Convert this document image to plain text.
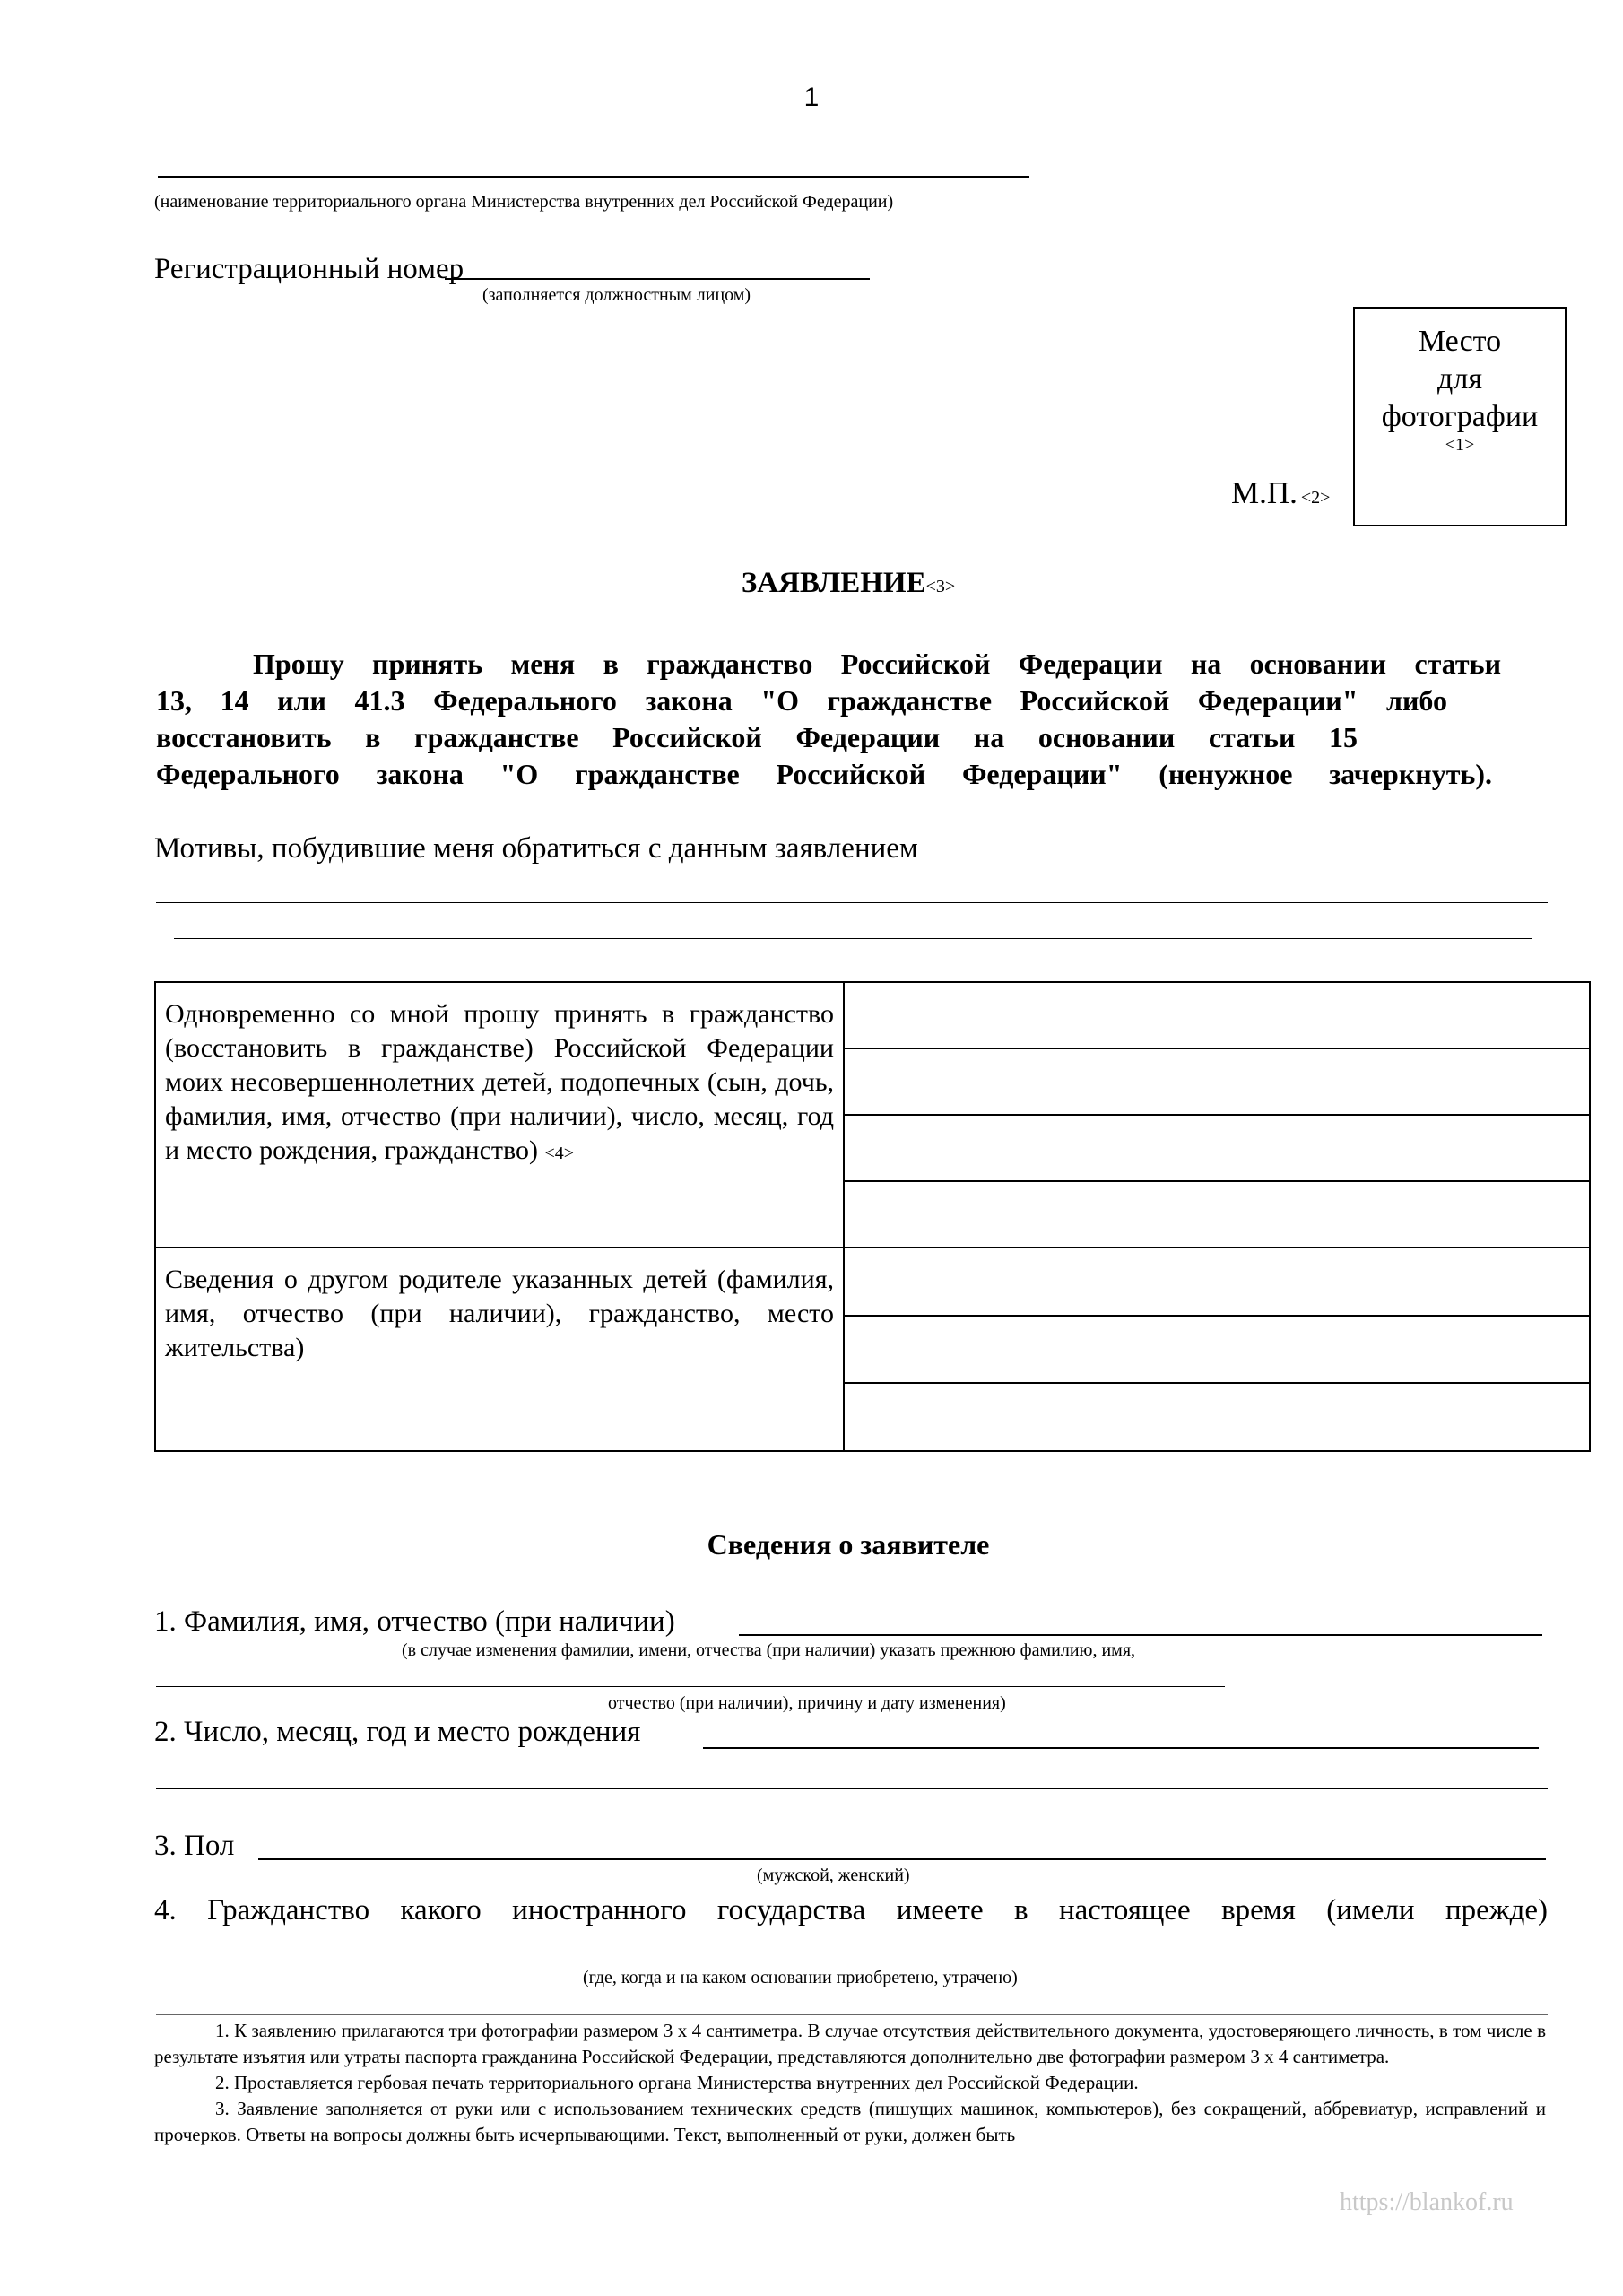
1
(наименование территориального органа Министерства внутренних дел Российской Федерации)
Регистрационный номер
(заполняется должностным лицом)
Место
для
фотографии
<1>
М.П. <2>
ЗАЯВЛЕНИЕ<3>
Прошу принять меня в гражданство Российской Федерации на основании статьи
13, 14 или 41.3 Федерального закона "О гражданстве Российской Федерации" либо
восстановить в гражданстве Российской Федерации на основании статьи 15
Федерального закона "О гражданстве Российской Федерации" (ненужное зачеркнуть).
Мотивы, побудившие меня обратиться с данным заявлением
Одновременно со мной прошу принять в гражданство (восстановить в гражданстве) Российской Федерации моих несовершеннолетних детей, подопечных (сын, дочь, фамилия, имя, отчество (при наличии), число, месяц, год и место рождения, гражданство) <4>	

Сведения о другом родителе указанных детей (фамилия, имя, отчество (при наличии), гражданство, место жительства)	
Сведения о заявителе
1. Фамилия, имя, отчество (при наличии)
(в случае изменения фамилии, имени, отчества (при наличии) указать прежнюю фамилию, имя,
отчество (при наличии), причину и дату изменения)
2. Число, месяц, год и место рождения
3. Пол
(мужской, женский)
4. Гражданство какого иностранного государства имеете в настоящее время (имели прежде)
(где, когда и на каком основании приобретено, утрачено)

1. К заявлению прилагаются три фотографии размером 3 х 4 сантиметра. В случае отсутствия действительного документа, удостоверяющего личность, в том числе в результате изъятия или утраты паспорта гражданина Российской Федерации, представляются дополнительно две фотографии размером 3 х 4 сантиметра.

2. Проставляется гербовая печать территориального органа Министерства внутренних дел Российской Федерации.

3. Заявление заполняется от руки или с использованием технических средств (пишущих машинок, компьютеров), без сокращений, аббревиатур, исправлений и прочерков. Ответы на вопросы должны быть исчерпывающими. Текст, выполненный от руки, должен быть

https://blankof.ru
